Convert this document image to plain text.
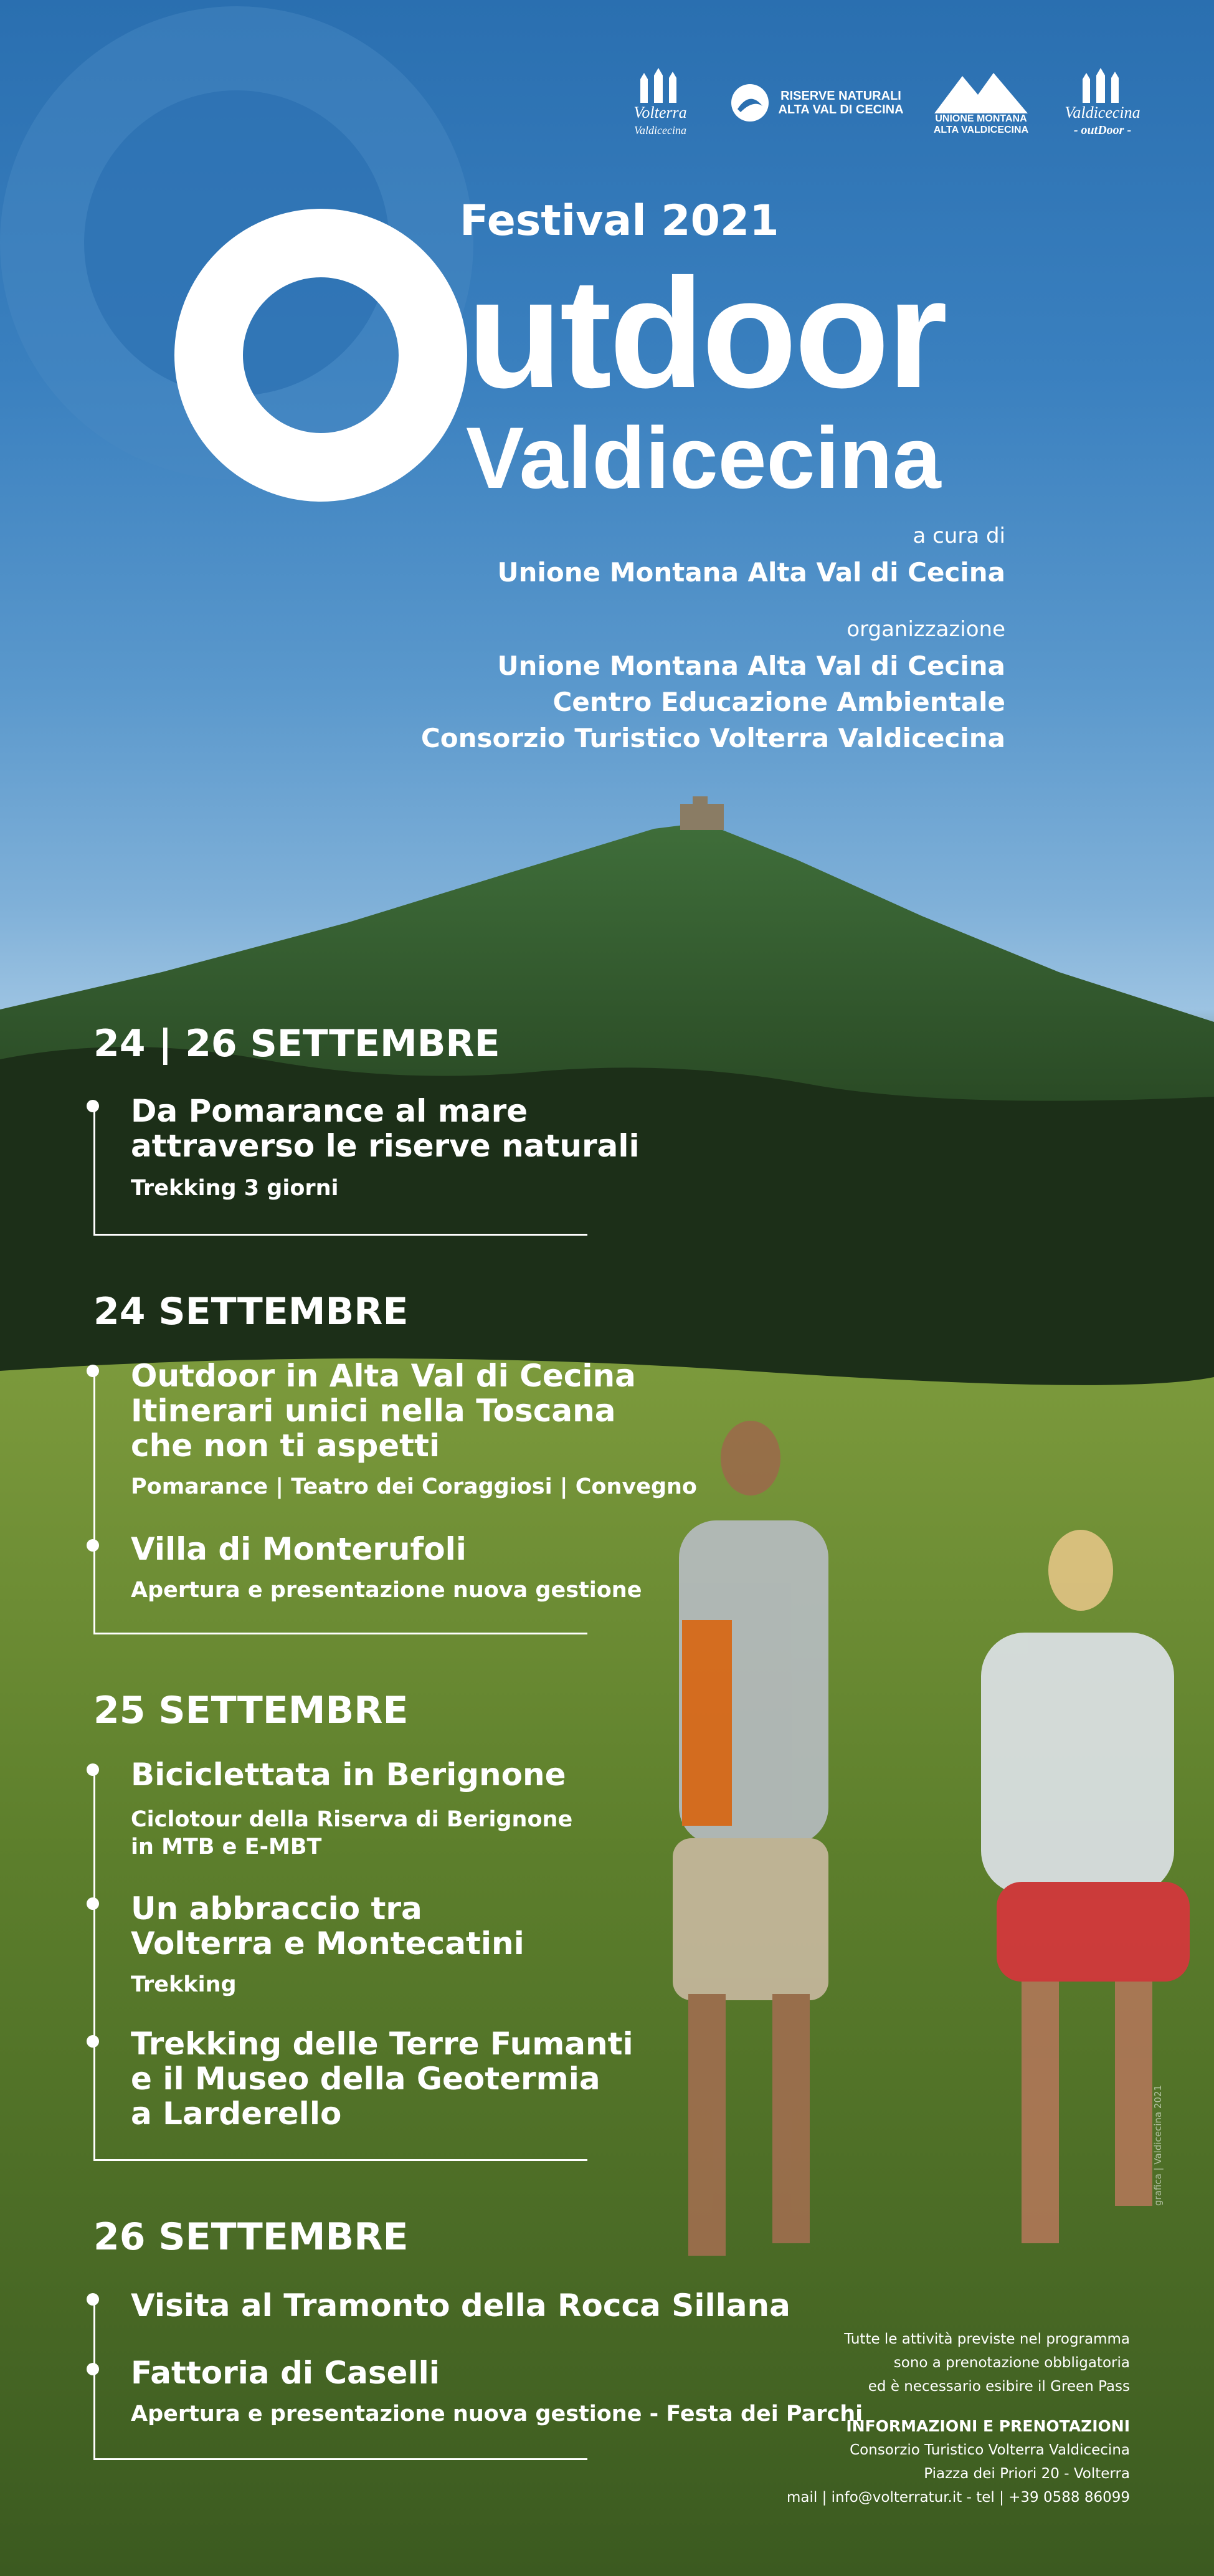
Volterra
Valdicecina
RISERVE NATURALI
ALTA VAL DI CECINA
UNIONE MONTANA
ALTA VALDICECINA
Valdicecina
- outDoor -
Festival 2021
utdoor
Valdicecina
a cura di
Unione Montana Alta Val di Cecina
organizzazione
Unione Montana Alta Val di Cecina
Centro Educazione Ambientale
Consorzio Turistico Volterra Valdicecina
24 | 26 SETTEMBRE
Da Pomarance al mare
attraverso le riserve naturali
Trekking 3 giorni
24 SETTEMBRE
Outdoor in Alta Val di Cecina
Itinerari unici nella Toscana
che non ti aspetti
Pomarance | Teatro dei Coraggiosi | Convegno
Villa di Monterufoli
Apertura e presentazione nuova gestione
25 SETTEMBRE
Biciclettata in Berignone
Ciclotour della Riserva di Berignone
in MTB e E-MBT
Un abbraccio tra
Volterra e Montecatini
Trekking
Trekking delle Terre Fumanti
e il Museo della Geotermia
a Larderello
26 SETTEMBRE
Visita al Tramonto della Rocca Sillana
Fattoria di Caselli
Apertura e presentazione nuova gestione - Festa dei Parchi
Tutte le attività previste nel programma
sono a prenotazione obbligatoria
ed è necessario esibire il Green Pass
INFORMAZIONI E PRENOTAZIONI
Consorzio Turistico Volterra Valdicecina
Piazza dei Priori 20 - Volterra
mail | info@volterratur.it - tel | +39 0588 86099
grafica | Valdicecina 2021
